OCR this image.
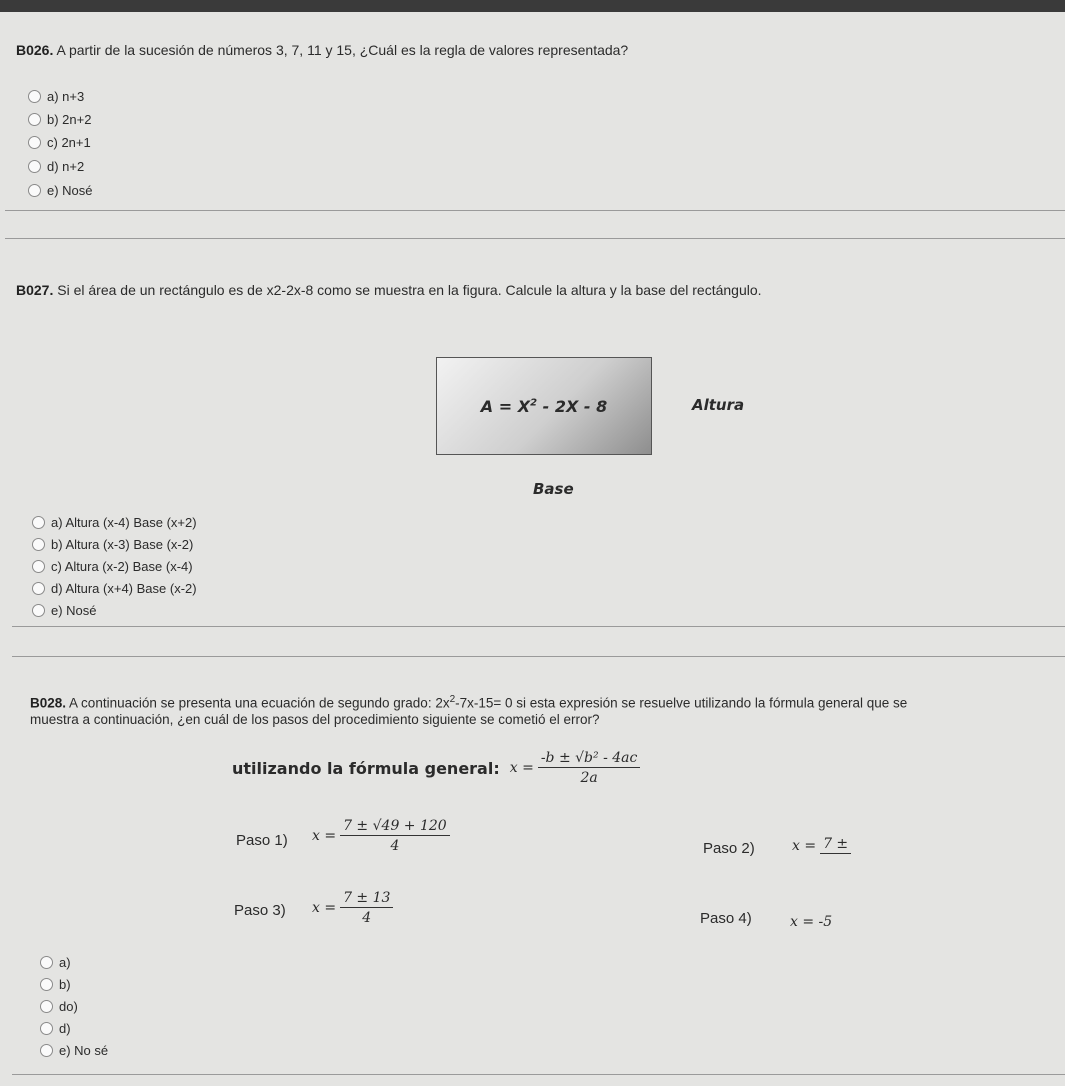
B026. A partir de la sucesión de números 3, 7, 11 y 15, ¿Cuál es la regla de valores representada?
a) n+3
b) 2n+2
c) 2n+1
d) n+2
e) Nosé
B027. Si el área de un rectángulo es de x2-2x-8 como se muestra en la figura. Calcule la altura y la base del rectángulo.
$A = X^2 - 2X - 8$	Altura
Base
a) Altura (x-4) Base (x+2)
b) Altura (x-3) Base (x-2)
c) Altura (x-2) Base (x-4)
d) Altura (x+4) Base (x-2)
e) Nosé
B028. A continuación se presenta una ecuación de segundo grado: $2x^2-7x-15= 0$ si esta expresión se resuelve utilizando la fórmula general que se
muestra a continuación, ¿en cuál de los pasos del procedimiento siguiente se cometió el error?
utilizando la fórmula general: $x = \frac{\text{-b ± √b² - 4ac}}{2a}$
Paso 1) $x = \frac{7 \pm √49 + 120}{4}$	Paso 2)	x = 7 ±
Paso 3) $x = \frac{7 \pm 13}{4}$	Paso 4)	x = -5
a)
b)
do)
d)
e) No sé
